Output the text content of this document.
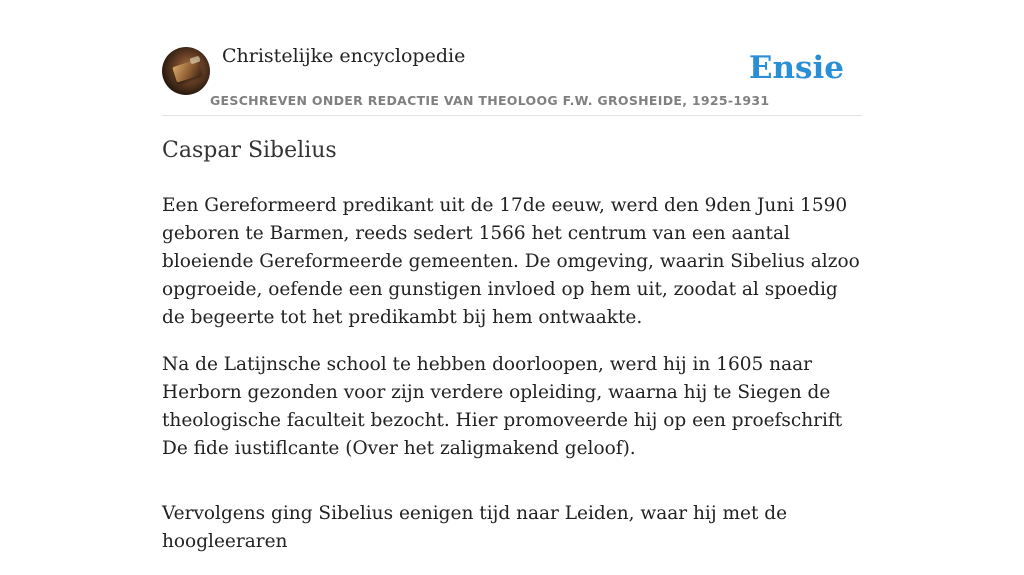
Christelijke encyclopedie
GESCHREVEN ONDER REDACTIE VAN THEOLOOG F.W. GROSHEIDE, 1925-1931
Ensie
Caspar Sibelius

Een Gereformeerd predikant uit de 17de eeuw, werd den 9den Juni 1590 geboren te Barmen, reeds sedert 1566 het centrum van een aantal bloeiende Gereformeerde gemeenten. De omgeving, waarin Sibelius alzoo opgroeide, oefende een gunstigen invloed op hem uit, zoodat al spoedig de begeerte tot het predikambt bij hem ontwaakte.

Na de Latijnsche school te hebben doorloopen, werd hij in 1605 naar Herborn gezonden voor zijn verdere opleiding, waarna hij te Siegen de theologische faculteit bezocht. Hier promoveerde hij op een proefschrift De fide iustiflcante (Over het zaligmakend geloof).

Vervolgens ging Sibelius eenigen tijd naar Leiden, waar hij met de hoogleeraren
